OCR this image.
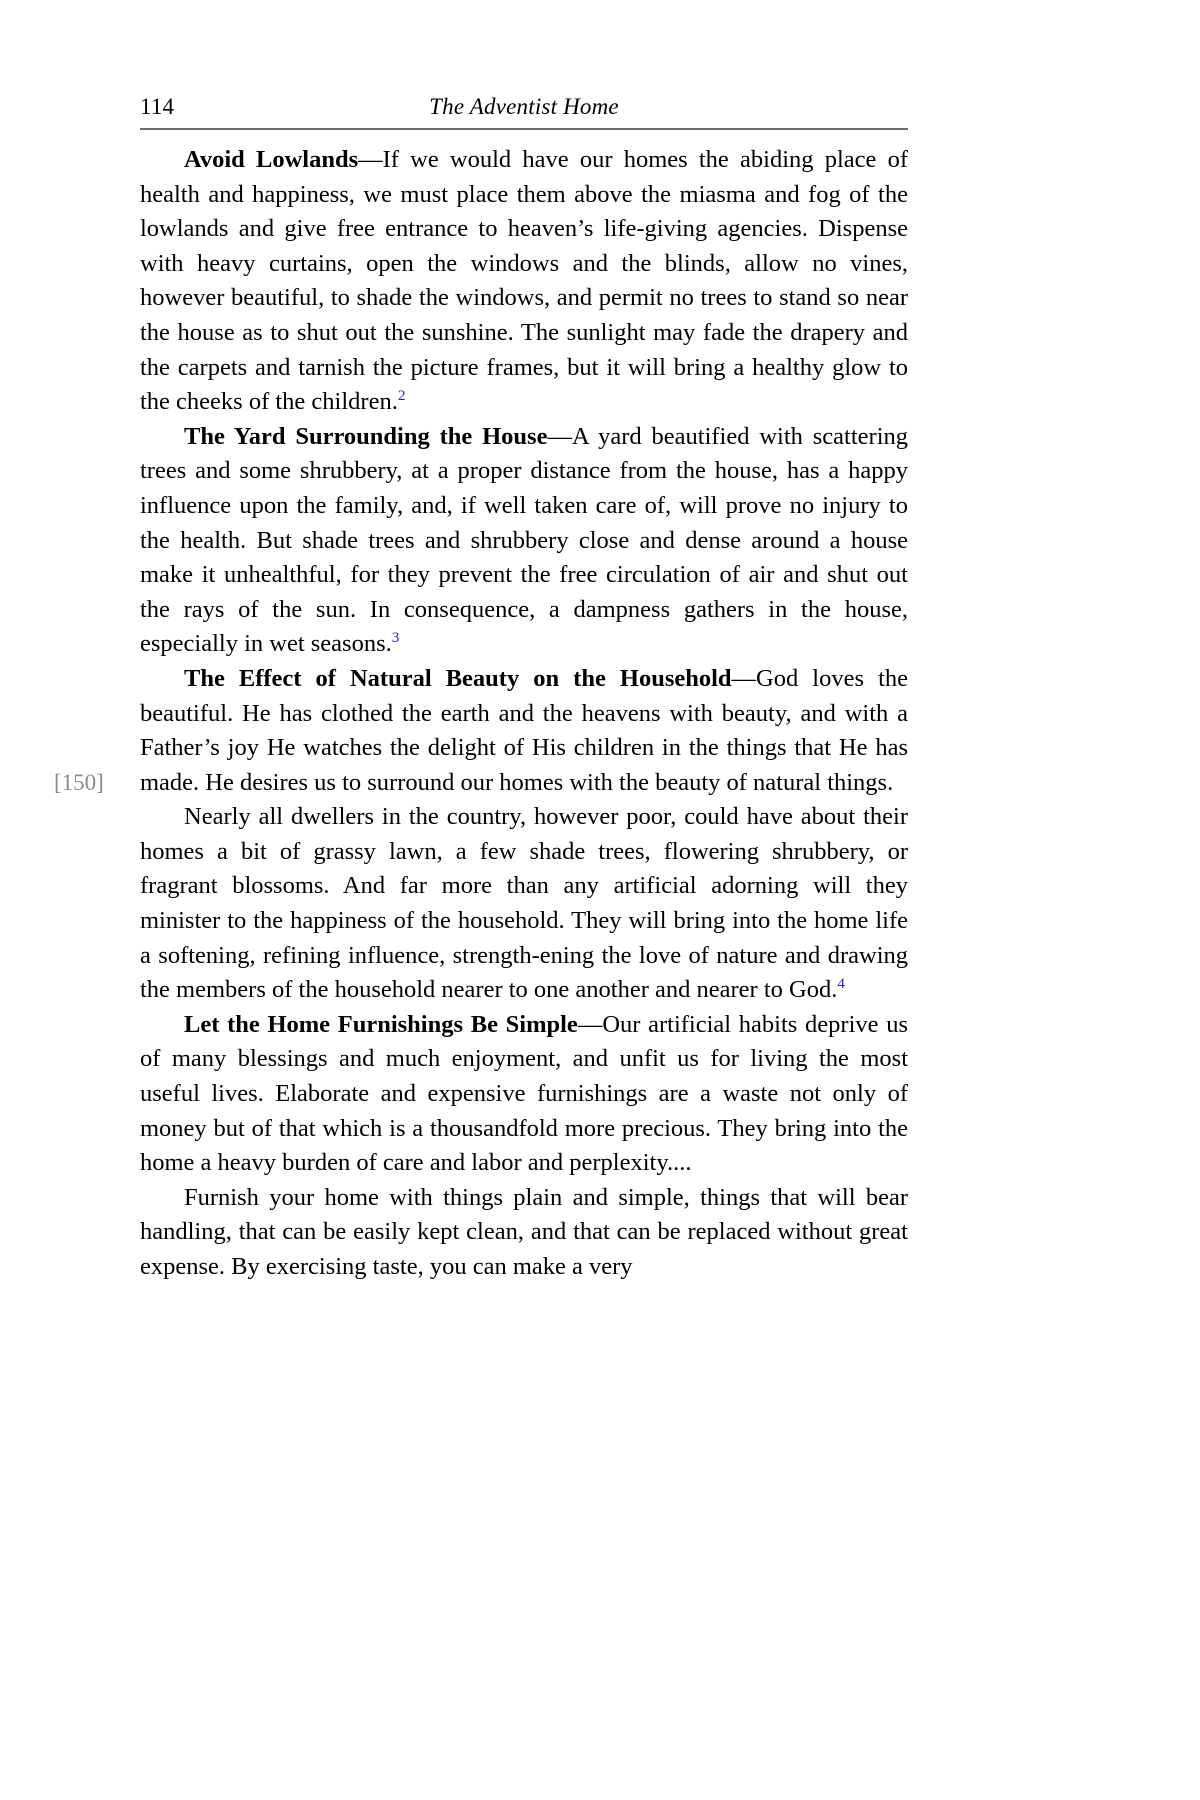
114	The Adventist Home
[150]

Avoid Lowlands—If we would have our homes the abiding place of health and happiness, we must place them above the miasma and fog of the lowlands and give free entrance to heaven’s life-giving agencies. Dispense with heavy curtains, open the windows and the blinds, allow no vines, however beautiful, to shade the windows, and permit no trees to stand so near the house as to shut out the sunshine. The sunlight may fade the drapery and the carpets and tarnish the picture frames, but it will bring a healthy glow to the cheeks of the children.$^2$

The Yard Surrounding the House—A yard beautified with scattering trees and some shrubbery, at a proper distance from the house, has a happy influence upon the family, and, if well taken care of, will prove no injury to the health. But shade trees and shrubbery close and dense around a house make it unhealthful, for they prevent the free circulation of air and shut out the rays of the sun. In consequence, a dampness gathers in the house, especially in wet seasons.$^3$

The Effect of Natural Beauty on the Household—God loves the beautiful. He has clothed the earth and the heavens with beauty, and with a Father’s joy He watches the delight of His children in the things that He has made. He desires us to surround our homes with the beauty of natural things.

Nearly all dwellers in the country, however poor, could have about their homes a bit of grassy lawn, a few shade trees, flowering shrubbery, or fragrant blossoms. And far more than any artificial adorning will they minister to the happiness of the household. They will bring into the home life a softening, refining influence, strength-ening the love of nature and drawing the members of the household nearer to one another and nearer to God.$^4$

Let the Home Furnishings Be Simple—Our artificial habits deprive us of many blessings and much enjoyment, and unfit us for living the most useful lives. Elaborate and expensive furnishings are a waste not only of money but of that which is a thousandfold more precious. They bring into the home a heavy burden of care and labor and perplexity....

Furnish your home with things plain and simple, things that will bear handling, that can be easily kept clean, and that can be replaced without great expense. By exercising taste, you can make a very
